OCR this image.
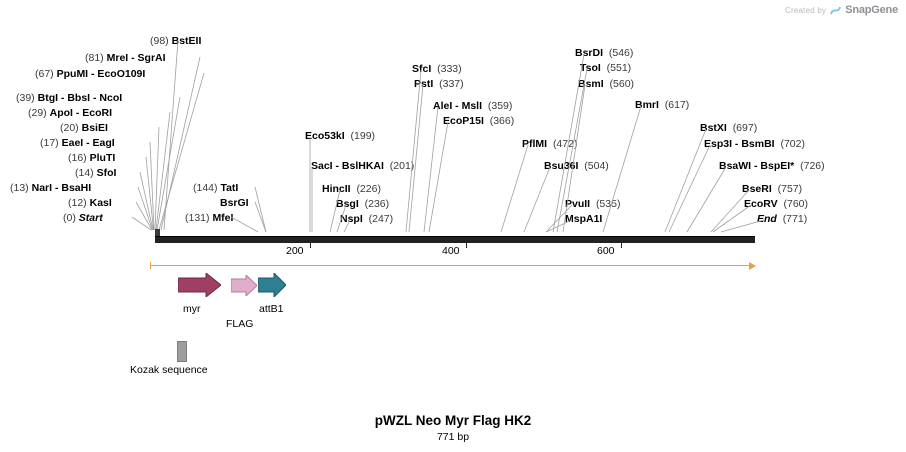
Created by SnapGene
(98) BstEII
(81) MreI - SgrAI
(67) PpuMI - EcoO109I
(39) BtgI - BbsI - NcoI
(29) ApoI - EcoRI
(20) BsiEI
(17) EaeI - EagI
(16) PluTI
(14) SfoI
(13) NarI - BsaHI
(12) KasI
(0) Start	(131) MfeI
(144) TatI
BsrGI
Eco53kI (199)
SacI - BslHKAI (201)
HincII (226)
BsgI (236)
NspI (247)
SfcI (333)
PstI (337)
AleI - MslI (359)
EcoP15I (366)
PflMI (472)
Bsu36I (504)
PvuII (535)
MspA1I
BsrDI (546)
TsoI (551)
BsmI (560)
BmrI (617)
BstXI (697)
Esp3I - BsmBI (702)
BsaWI - BspEI* (726)
BseRI (757)
EcoRV (760)
End (771)
200	400	600
myr
FLAG
attB1
Kozak sequence
pWZL Neo Myr Flag HK2
771 bp
